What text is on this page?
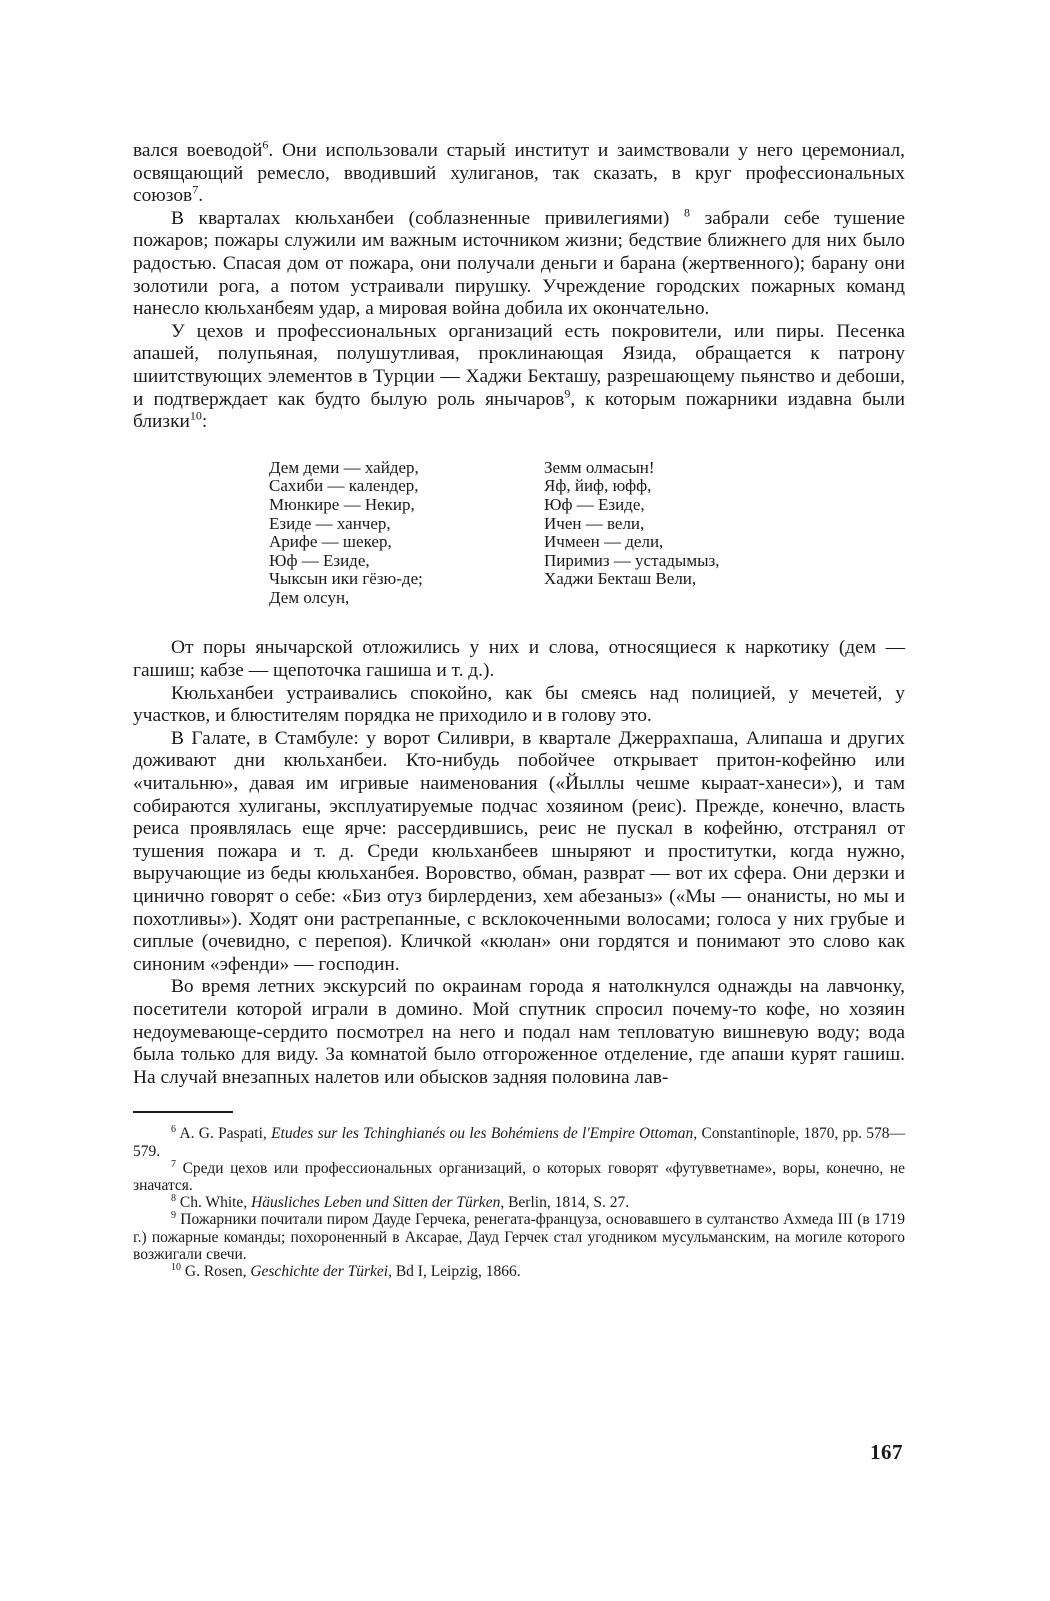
вался воеводой$^6$. Они использовали старый институт и заимствовали у него церемониал, освящающий ремесло, вводивший хулиганов, так сказать, в круг профессиональных союзов$^7$.

В кварталах кюльханбеи (соблазненные привилегиями) $^8$ забрали себе тушение пожаров; пожары служили им важным источником жизни; бедствие ближнего для них было радостью. Спасая дом от пожара, они получали деньги и барана (жертвенного); барану они золотили рога, а потом устраивали пирушку. Учреждение городских пожарных команд нанесло кюльханбеям удар, а мировая война добила их окончательно.

У цехов и профессиональных организаций есть покровители, или пиры. Песенка апашей, полупьяная, полушутливая, проклинающая Язида, обращается к патрону шиитствующих элементов в Турции — Хаджи Бекташу, разрешающему пьянство и дебоши, и подтверждает как будто былую роль янычаров$^9$, к которым пожарники издавна были близки$^{10}$:

Дем деми — хайдер,
Сахиби — календер,
Мюнкире — Некир,
Езиде — ханчер,
Арифе — шекер,
Юф — Езиде,
Чыксын ики гёзю-де;
Дем олсун,
Земм олмасын!
Яф, йиф, юфф,
Юф — Езиде,
Ичен — вели,
Ичмеен — дели,
Пиримиз — устадымыз,
Хаджи Бекташ Вели,

От поры янычарской отложились у них и слова, относящиеся к наркотику (дем — гашиш; кабзе — щепоточка гашиша и т. д.).

Кюльханбеи устраивались спокойно, как бы смеясь над полицией, у мечетей, у участков, и блюстителям порядка не приходило и в голову это.

В Галате, в Стамбуле: у ворот Силиври, в квартале Джеррахпаша, Алипаша и других доживают дни кюльханбеи. Кто-нибудь побойчее открывает притон-кофейню или «читальню», давая им игривые наименования («Йыллы чешме кыраат-ханеси»), и там собираются хулиганы, эксплуатируемые подчас хозяином (реис). Прежде, конечно, власть реиса проявлялась еще ярче: рассердившись, реис не пускал в кофейню, отстранял от тушения пожара и т. д. Среди кюльханбеев шныряют и проститутки, когда нужно, выручающие из беды кюльханбея. Воровство, обман, разврат — вот их сфера. Они дерзки и цинично говорят о себе: «Биз отуз бирлердениз, хем абезаныз» («Мы — онанисты, но мы и похотливы»). Ходят они растрепанные, с всклокоченными волосами; голоса у них грубые и сиплые (очевидно, с перепоя). Кличкой «кюлан» они гордятся и понимают это слово как синоним «эфенди» — господин.

Во время летних экскурсий по окраинам города я натолкнулся однажды на лавчонку, посетители которой играли в домино. Мой спутник спросил почему-то кофе, но хозяин недоумевающе-сердито посмотрел на него и подал нам тепловатую вишневую воду; вода была только для виду. За комнатой было отгороженное отделение, где апаши курят гашиш. На случай внезапных налетов или обысков задняя половина лав-

$^6$ A. G. Paspati, Etudes sur les Tchinghianés ou les Bohémiens de l'Empire Ottoman, Constantinople, 1870, pp. 578—579.

$^7$ Среди цехов или профессиональных организаций, о которых говорят «футувветнаме», воры, конечно, не значатся.

$^8$ Ch. White, Häusliches Leben und Sitten der Türken, Berlin, 1814, S. 27.

$^9$ Пожарники почитали пиром Дауде Герчека, ренегата-француза, основавшего в султанство Ахмеда III (в 1719 г.) пожарные команды; похороненный в Аксарае, Дауд Герчек стал угодником мусульманским, на могиле которого возжигали свечи.

$^{10}$ G. Rosen, Geschichte der Türkei, Bd I, Leipzig, 1866.

167
